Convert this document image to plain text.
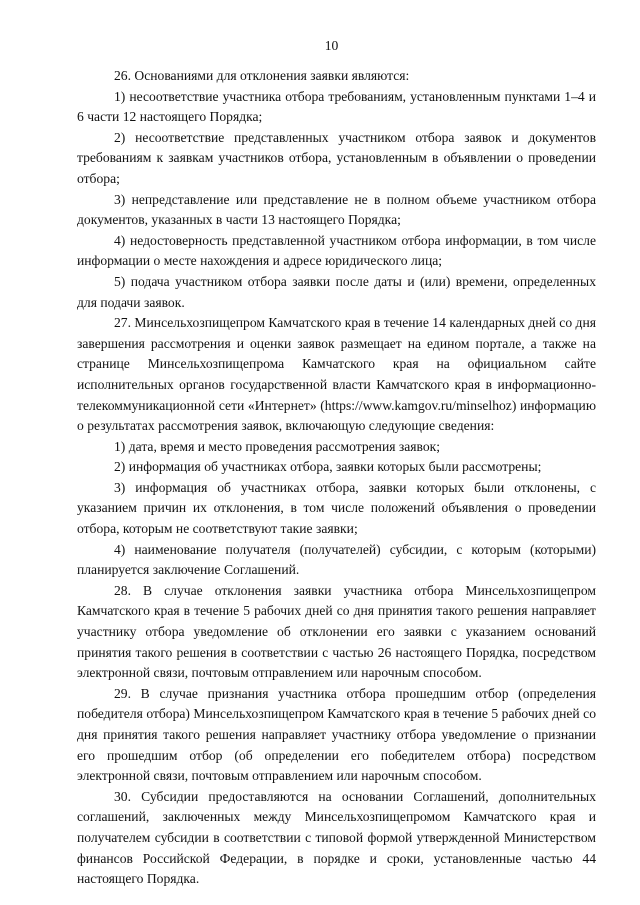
10

26. Основаниями для отклонения заявки являются:

1) несоответствие участника отбора требованиям, установленным пунктами 1–4 и 6 части 12 настоящего Порядка;

2) несоответствие представленных участником отбора заявок и документов требованиям к заявкам участников отбора, установленным в объявлении о проведении отбора;

3) непредставление или представление не в полном объеме участником отбора документов, указанных в части 13 настоящего Порядка;

4) недостоверность представленной участником отбора информации, в том числе информации о месте нахождения и адресе юридического лица;

5) подача участником отбора заявки после даты и (или) времени, определенных для подачи заявок.

27. Минсельхозпищепром Камчатского края в течение 14 календарных дней со дня завершения рассмотрения и оценки заявок размещает на едином портале, а также на странице Минсельхозпищепрома Камчатского края на официальном сайте исполнительных органов государственной власти Камчатского края в информационно-телекоммуникационной сети «Интернет» (https://www.kamgov.ru/minselhoz) информацию о результатах рассмотрения заявок, включающую следующие сведения:

1) дата, время и место проведения рассмотрения заявок;

2) информация об участниках отбора, заявки которых были рассмотрены;

3) информация об участниках отбора, заявки которых были отклонены, с указанием причин их отклонения, в том числе положений объявления о проведении отбора, которым не соответствуют такие заявки;

4) наименование получателя (получателей) субсидии, с которым (которыми) планируется заключение Соглашений.

28. В случае отклонения заявки участника отбора Минсельхозпищепром Камчатского края в течение 5 рабочих дней со дня принятия такого решения направляет участнику отбора уведомление об отклонении его заявки с указанием оснований принятия такого решения в соответствии с частью 26 настоящего Порядка, посредством электронной связи, почтовым отправлением или нарочным способом.

29. В случае признания участника отбора прошедшим отбор (определения победителя отбора) Минсельхозпищепром Камчатского края в течение 5 рабочих дней со дня принятия такого решения направляет участнику отбора уведомление о признании его прошедшим отбор (об определении его победителем отбора) посредством электронной связи, почтовым отправлением или нарочным способом.

30. Субсидии предоставляются на основании Соглашений, дополнительных соглашений, заключенных между Минсельхозпищепромом Камчатского края и получателем субсидии в соответствии с типовой формой утвержденной Министерством финансов Российской Федерации, в порядке и сроки, установленные частью 44 настоящего Порядка.
